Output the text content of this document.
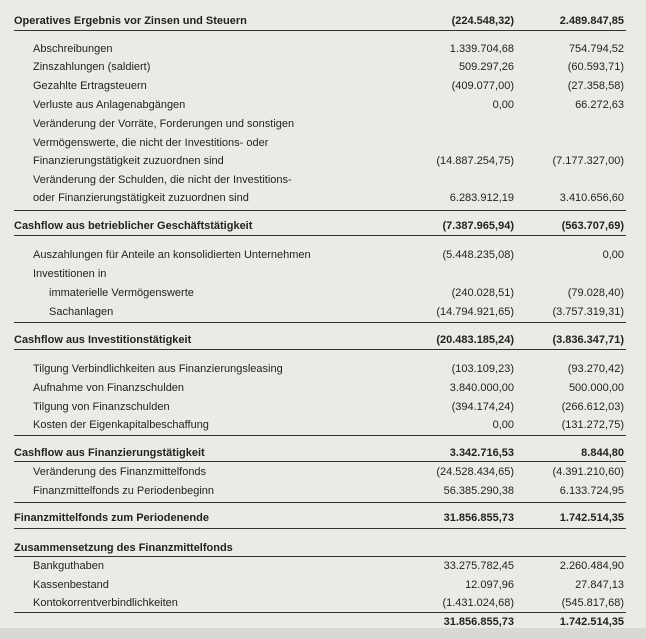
Operatives Ergebnis vor Zinsen und Steuern	(224.548,32)	2.489.847,85
Abschreibungen	1.339.704,68	754.794,52
Zinszahlungen (saldiert)	509.297,26	(60.593,71)
Gezahlte Ertragsteuern	(409.077,00)	(27.358,58)
Verluste aus Anlagenabgängen	0,00	66.272,63
Veränderung der Vorräte, Forderungen und sonstigen
Vermögenswerte, die nicht der Investitions- oder
Finanzierungstätigkeit zuzuordnen sind	(14.887.254,75)	(7.177.327,00)
Veränderung der Schulden, die nicht der Investitions-
oder Finanzierungstätigkeit zuzuordnen sind	6.283.912,19	3.410.656,60
Cashflow aus betrieblicher Geschäftstätigkeit	(7.387.965,94)	(563.707,69)
Auszahlungen für Anteile an konsolidierten Unternehmen	(5.448.235,08)	0,00
Investitionen in
immaterielle Vermögenswerte	(240.028,51)	(79.028,40)
Sachanlagen	(14.794.921,65)	(3.757.319,31)
Cashflow aus Investitionstätigkeit	(20.483.185,24)	(3.836.347,71)
Tilgung Verbindlichkeiten aus Finanzierungsleasing	(103.109,23)	(93.270,42)
Aufnahme von Finanzschulden	3.840.000,00	500.000,00
Tilgung von Finanzschulden	(394.174,24)	(266.612,03)
Kosten der Eigenkapitalbeschaffung	0,00	(131.272,75)
Cashflow aus Finanzierungstätigkeit	3.342.716,53	8.844,80
Veränderung des Finanzmittelfonds	(24.528.434,65)	(4.391.210,60)
Finanzmittelfonds zu Periodenbeginn	56.385.290,38	6.133.724,95
Finanzmittelfonds zum Periodenende	31.856.855,73	1.742.514,35
Zusammensetzung des Finanzmittelfonds
Bankguthaben	33.275.782,45	2.260.484,90
Kassenbestand	12.097,96	27.847,13
Kontokorrentverbindlichkeiten	(1.431.024,68)	(545.817,68)
31.856.855,73	1.742.514,35
